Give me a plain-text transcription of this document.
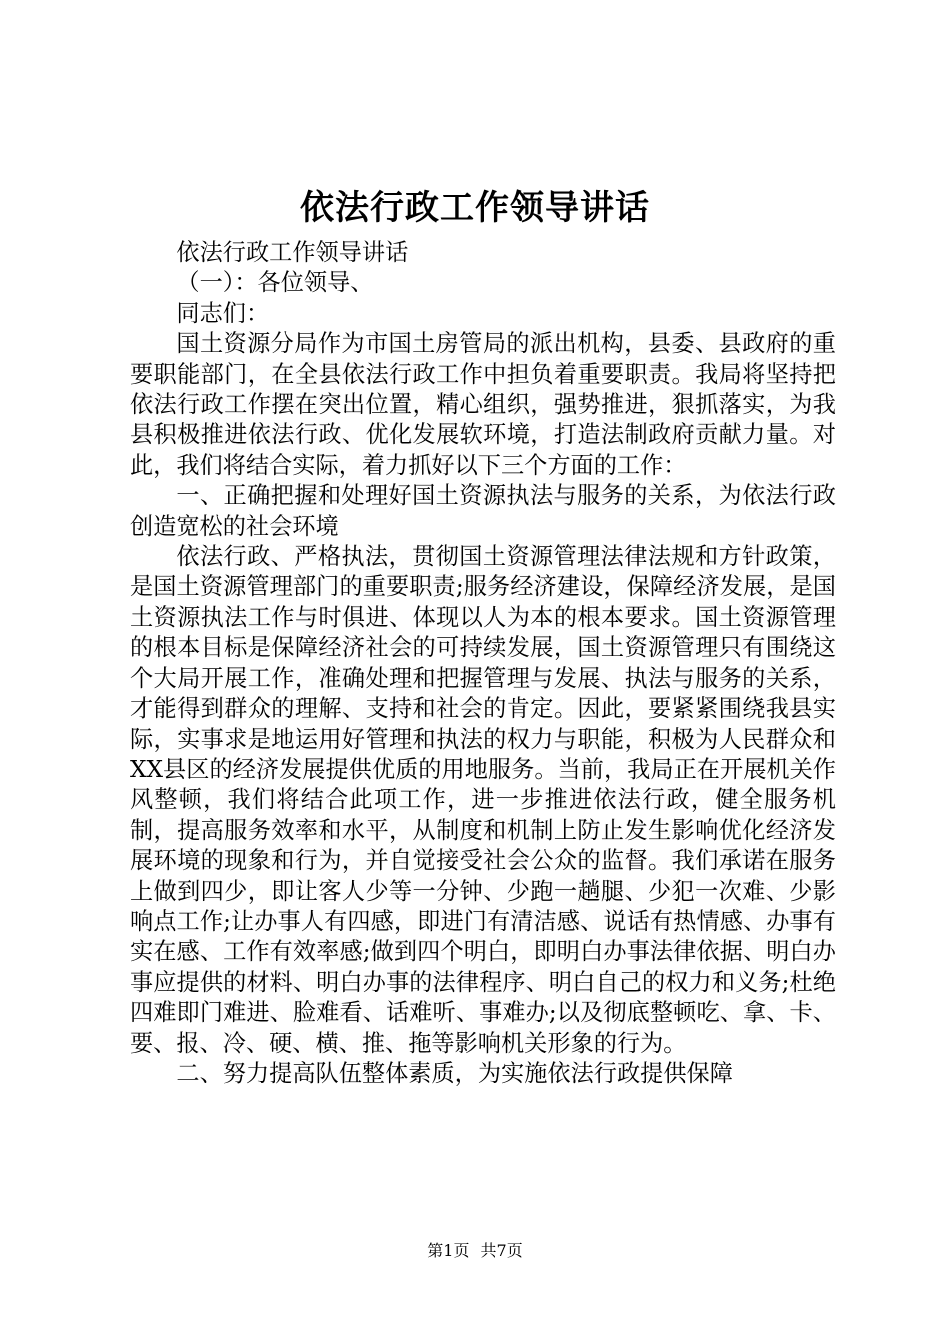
依法行政工作领导讲话

依法行政工作领导讲话

（一）：各位领导、

同志们：

国土资源分局作为市国土房管局的派出机构，县委、县政府的重要职能部门，在全县依法行政工作中担负着重要职责。我局将坚持把依法行政工作摆在突出位置，精心组织，强势推进，狠抓落实，为我县积极推进依法行政、优化发展软环境，打造法制政府贡献力量。对此，我们将结合实际，着力抓好以下三个方面的工作：

一、正确把握和处理好国土资源执法与服务的关系，为依法行政创造宽松的社会环境

依法行政、严格执法，贯彻国土资源管理法律法规和方针政策，是国土资源管理部门的重要职责;服务经济建设，保障经济发展，是国土资源执法工作与时俱进、体现以人为本的根本要求。国土资源管理的根本目标是保障经济社会的可持续发展，国土资源管理只有围绕这个大局开展工作，准确处理和把握管理与发展、执法与服务的关系，才能得到群众的理解、支持和社会的肯定。因此，要紧紧围绕我县实际，实事求是地运用好管理和执法的权力与职能，积极为人民群众和XX县区的经济发展提供优质的用地服务。当前，我局正在开展机关作风整顿，我们将结合此项工作，进一步推进依法行政，健全服务机制，提高服务效率和水平，从制度和机制上防止发生影响优化经济发展环境的现象和行为，并自觉接受社会公众的监督。我们承诺在服务上做到四少，即让客人少等一分钟、少跑一趟腿、少犯一次难、少影响点工作;让办事人有四感，即进门有清洁感、说话有热情感、办事有实在感、工作有效率感;做到四个明白，即明白办事法律依据、明白办事应提供的材料、明白办事的法律程序、明白自己的权力和义务;杜绝四难即门难进、脸难看、话难听、事难办;以及彻底整顿吃、拿、卡、要、报、冷、硬、横、推、拖等影响机关形象的行为。

二、努力提高队伍整体素质，为实施依法行政提供保障

第1页 共7页
